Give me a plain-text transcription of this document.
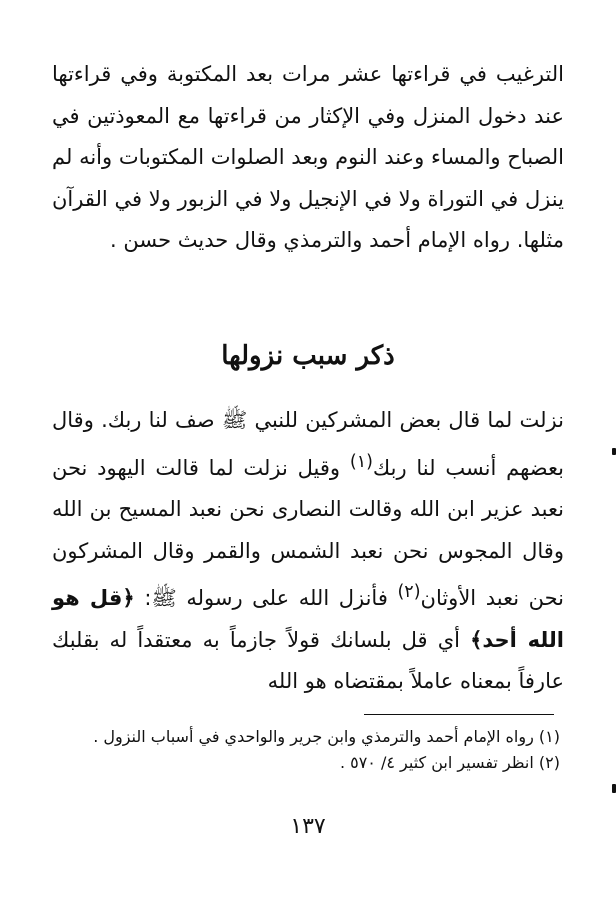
الترغيب في قراءتها عشر مرات بعد المكتوبة وفي قراءتها عند دخول المنزل وفي الإكثار من قراءتها مع المعوذتين في الصباح والمساء وعند النوم وبعد الصلوات المكتوبات وأنه لم ينزل في التوراة ولا في الإنجيل ولا في الزبور ولا في القرآن مثلها. رواه الإمام أحمد والترمذي وقال حديث حسن .

ذكر سبب نزولها

نزلت لما قال بعض المشركين للنبي ﷺ صف لنا ربك. وقال بعضهم أنسب لنا ربك$^{(١)}$ وقيل نزلت لما قالت اليهود نحن نعبد عزير ابن الله وقالت النصارى نحن نعبد المسيح بن الله وقال المجوس نحن نعبد الشمس والقمر وقال المشركون نحن نعبد الأوثان$^{(٢)}$ فأنزل الله على رسوله ﷺ: ﴿قل هو الله أحد﴾ أي قل بلسانك قولاً جازماً به معتقداً له بقلبك عارفاً بمعناه عاملاً بمقتضاه هو الله

(١) رواه الإمام أحمد والترمذي وابن جرير والواحدي في أسباب النزول .
(٢) انظر تفسير ابن كثير ٤/ ٥٧٠ .
١٣٧
